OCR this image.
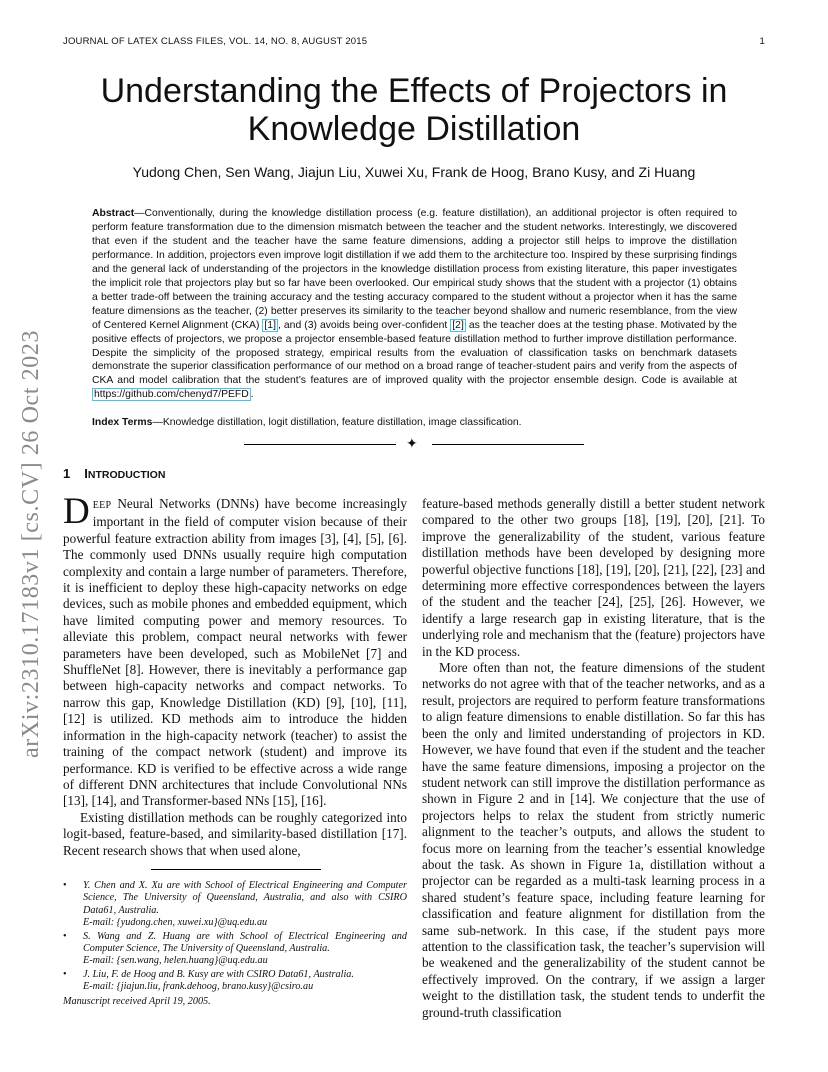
JOURNAL OF LATEX CLASS FILES, VOL. 14, NO. 8, AUGUST 2015	1
arXiv:2310.17183v1 [cs.CV] 26 Oct 2023
Understanding the Effects of Projectors in Knowledge Distillation
Yudong Chen, Sen Wang, Jiajun Liu, Xuwei Xu, Frank de Hoog, Brano Kusy, and Zi Huang

Abstract—Conventionally, during the knowledge distillation process (e.g. feature distillation), an additional projector is often required to perform feature transformation due to the dimension mismatch between the teacher and the student networks. Interestingly, we discovered that even if the student and the teacher have the same feature dimensions, adding a projector still helps to improve the distillation performance. In addition, projectors even improve logit distillation if we add them to the architecture too. Inspired by these surprising findings and the general lack of understanding of the projectors in the knowledge distillation process from existing literature, this paper investigates the implicit role that projectors play but so far have been overlooked. Our empirical study shows that the student with a projector (1) obtains a better trade-off between the training accuracy and the testing accuracy compared to the student without a projector when it has the same feature dimensions as the teacher, (2) better preserves its similarity to the teacher beyond shallow and numeric resemblance, from the view of Centered Kernel Alignment (CKA) [1] , and (3) avoids being over-confident [2] as the teacher does at the testing phase. Motivated by the positive effects of projectors, we propose a projector ensemble-based feature distillation method to further improve distillation performance. Despite the simplicity of the proposed strategy, empirical results from the evaluation of classification tasks on benchmark datasets demonstrate the superior classification performance of our method on a broad range of teacher-student pairs and verify from the aspects of CKA and model calibration that the student’s features are of improved quality with the projector ensemble design. Code is available at https://github.com/chenyd7/PEFD .

Index Terms—Knowledge distillation, logit distillation, feature distillation, image classification.
✦
1 INTRODUCTION

DEEP Neural Networks (DNNs) have become increasingly important in the field of computer vision because of their powerful feature extraction ability from images [3], [4], [5], [6]. The commonly used DNNs usually require high computation complexity and contain a large number of parameters. Therefore, it is inefficient to deploy these high-capacity networks on edge devices, such as mobile phones and embedded equipment, which have limited computing power and memory resources. To alleviate this problem, compact neural networks with fewer parameters have been developed, such as MobileNet [7] and ShuffleNet [8]. However, there is inevitably a performance gap between high-capacity networks and compact networks. To narrow this gap, Knowledge Distillation (KD) [9], [10], [11], [12] is utilized. KD methods aim to introduce the hidden information in the high-capacity network (teacher) to assist the training of the compact network (student) and improve its performance. KD is verified to be effective across a wide range of different DNN architectures that include Convolutional NNs [13], [14], and Transformer-based NNs [15], [16].

Existing distillation methods can be roughly categorized into logit-based, feature-based, and similarity-based distillation [17]. Recent research shows that when used alone,

feature-based methods generally distill a better student network compared to the other two groups [18], [19], [20], [21]. To improve the generalizability of the student, various feature distillation methods have been developed by designing more powerful objective functions [18], [19], [20], [21], [22], [23] and determining more effective correspondences between the layers of the student and the teacher [24], [25], [26]. However, we identify a large research gap in existing literature, that is the underlying role and mechanism that the (feature) projectors have in the KD process.

More often than not, the feature dimensions of the student networks do not agree with that of the teacher networks, and as a result, projectors are required to perform feature transformations to align feature dimensions to enable distillation. So far this has been the only and limited understanding of projectors in KD. However, we have found that even if the student and the teacher have the same feature dimensions, imposing a projector on the student network can still improve the distillation performance as shown in Figure 2 and in [14]. We conjecture that the use of projectors helps to relax the student from strictly numeric alignment to the teacher’s outputs, and allows the student to focus more on learning from the teacher’s essential knowledge about the task. As shown in Figure 1a, distillation without a projector can be regarded as a multi-task learning process in a shared student’s feature space, including feature learning for classification and feature alignment for distillation from the same sub-network. In this case, if the student pays more attention to the classification task, the teacher’s supervision will be weakened and the generalizability of the student cannot be effectively improved. On the contrary, if we assign a larger weight to the distillation task, the student tends to underfit the ground-truth classification

• Y. Chen and X. Xu are with School of Electrical Engineering and Computer Science, The University of Queensland, Australia, and also with CSIRO Data61, Australia.
E-mail: {yudong.chen, xuwei.xu}@uq.edu.au
• S. Wang and Z. Huang are with School of Electrical Engineering and Computer Science, The University of Queensland, Australia.
E-mail: {sen.wang, helen.huang}@uq.edu.au
• J. Liu, F. de Hoog and B. Kusy are with CSIRO Data61, Australia.
E-mail: {jiajun.liu, frank.dehoog, brano.kusy}@csiro.au
Manuscript received April 19, 2005.
